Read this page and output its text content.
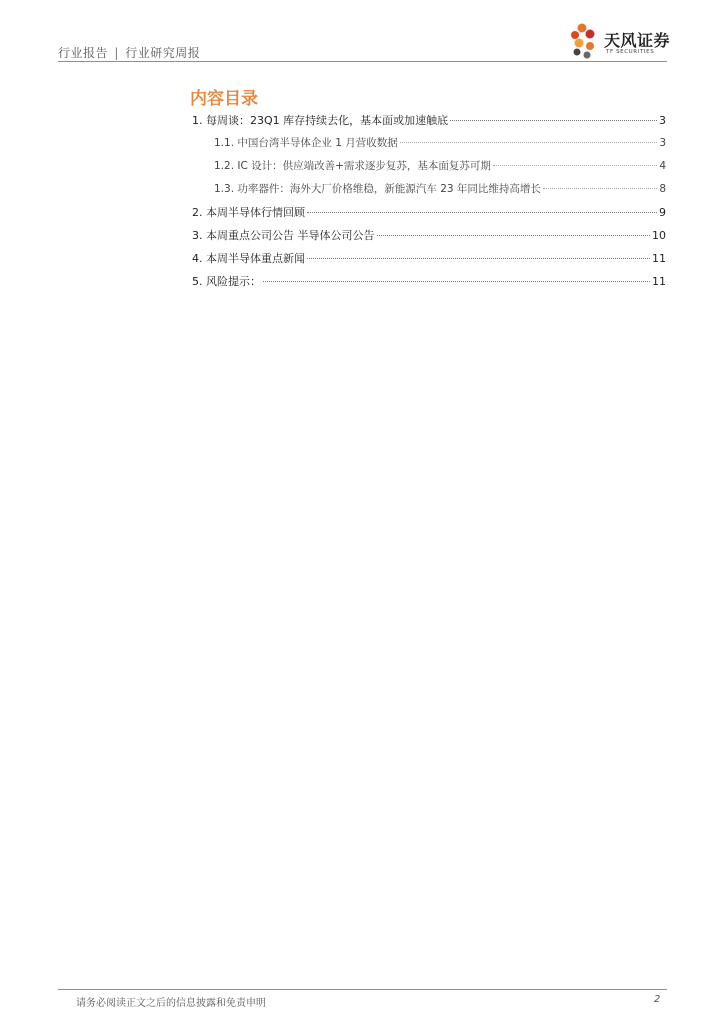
行业报告 | 行业研究周报
天风证券
TF SECURITIES
内容目录
1. 每周谈：23Q1 库存持续去化，基本面或加速触底	3
1.1. 中国台湾半导体企业 1 月营收数据	3
1.2. IC 设计：供应端改善+需求逐步复苏，基本面复苏可期	4
1.3. 功率器件：海外大厂价格维稳，新能源汽车 23 年同比维持高增长	8
2. 本周半导体行情回顾	9
3. 本周重点公司公告 半导体公司公告	10
4. 本周半导体重点新闻	11
5. 风险提示：	11
请务必阅读正文之后的信息披露和免责申明	2
